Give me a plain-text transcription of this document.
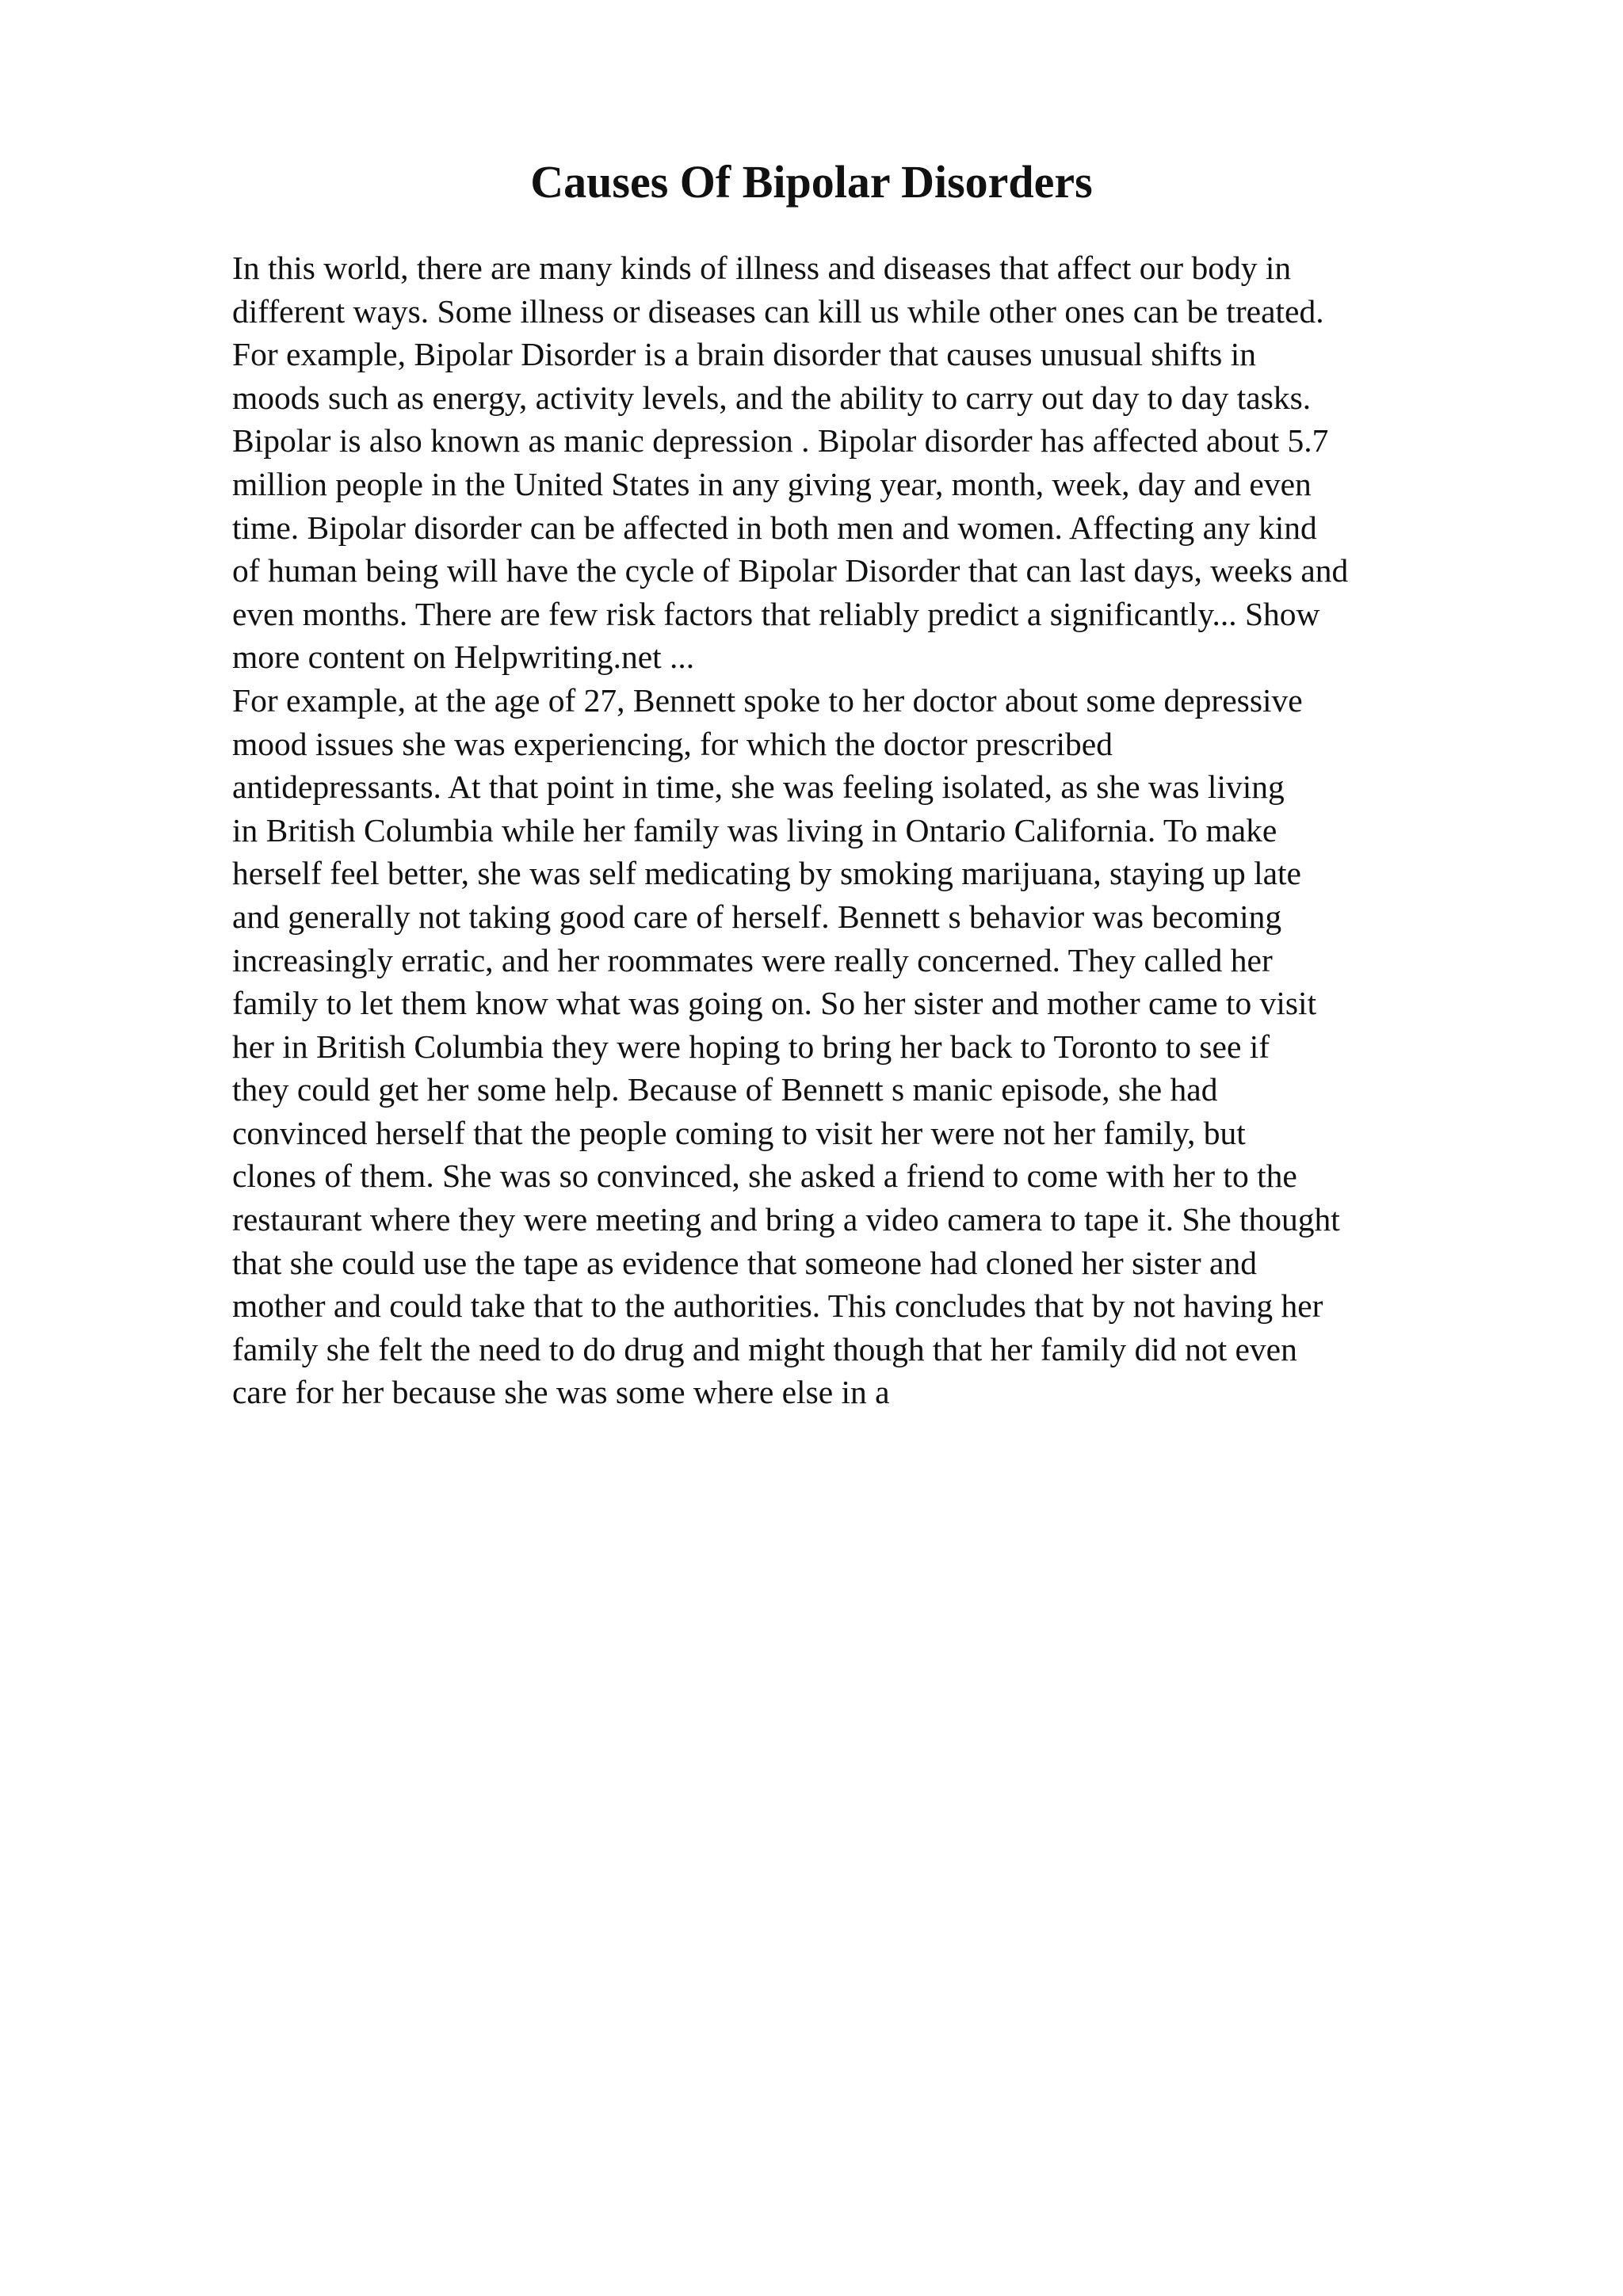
Causes Of Bipolar Disorders
In this world, there are many kinds of illness and diseases that affect our body in
different ways. Some illness or diseases can kill us while other ones can be treated.
For example, Bipolar Disorder is a brain disorder that causes unusual shifts in
moods such as energy, activity levels, and the ability to carry out day to day tasks.
Bipolar is also known as manic depression . Bipolar disorder has affected about 5.7
million people in the United States in any giving year, month, week, day and even
time. Bipolar disorder can be affected in both men and women. Affecting any kind
of human being will have the cycle of Bipolar Disorder that can last days, weeks and
even months. There are few risk factors that reliably predict a significantly... Show
more content on Helpwriting.net ...
For example, at the age of 27, Bennett spoke to her doctor about some depressive
mood issues she was experiencing, for which the doctor prescribed
antidepressants. At that point in time, she was feeling isolated, as she was living
in British Columbia while her family was living in Ontario California. To make
herself feel better, she was self medicating by smoking marijuana, staying up late
and generally not taking good care of herself. Bennett s behavior was becoming
increasingly erratic, and her roommates were really concerned. They called her
family to let them know what was going on. So her sister and mother came to visit
her in British Columbia they were hoping to bring her back to Toronto to see if
they could get her some help. Because of Bennett s manic episode, she had
convinced herself that the people coming to visit her were not her family, but
clones of them. She was so convinced, she asked a friend to come with her to the
restaurant where they were meeting and bring a video camera to tape it. She thought
that she could use the tape as evidence that someone had cloned her sister and
mother and could take that to the authorities. This concludes that by not having her
family she felt the need to do drug and might though that her family did not even
care for her because she was some where else in a
